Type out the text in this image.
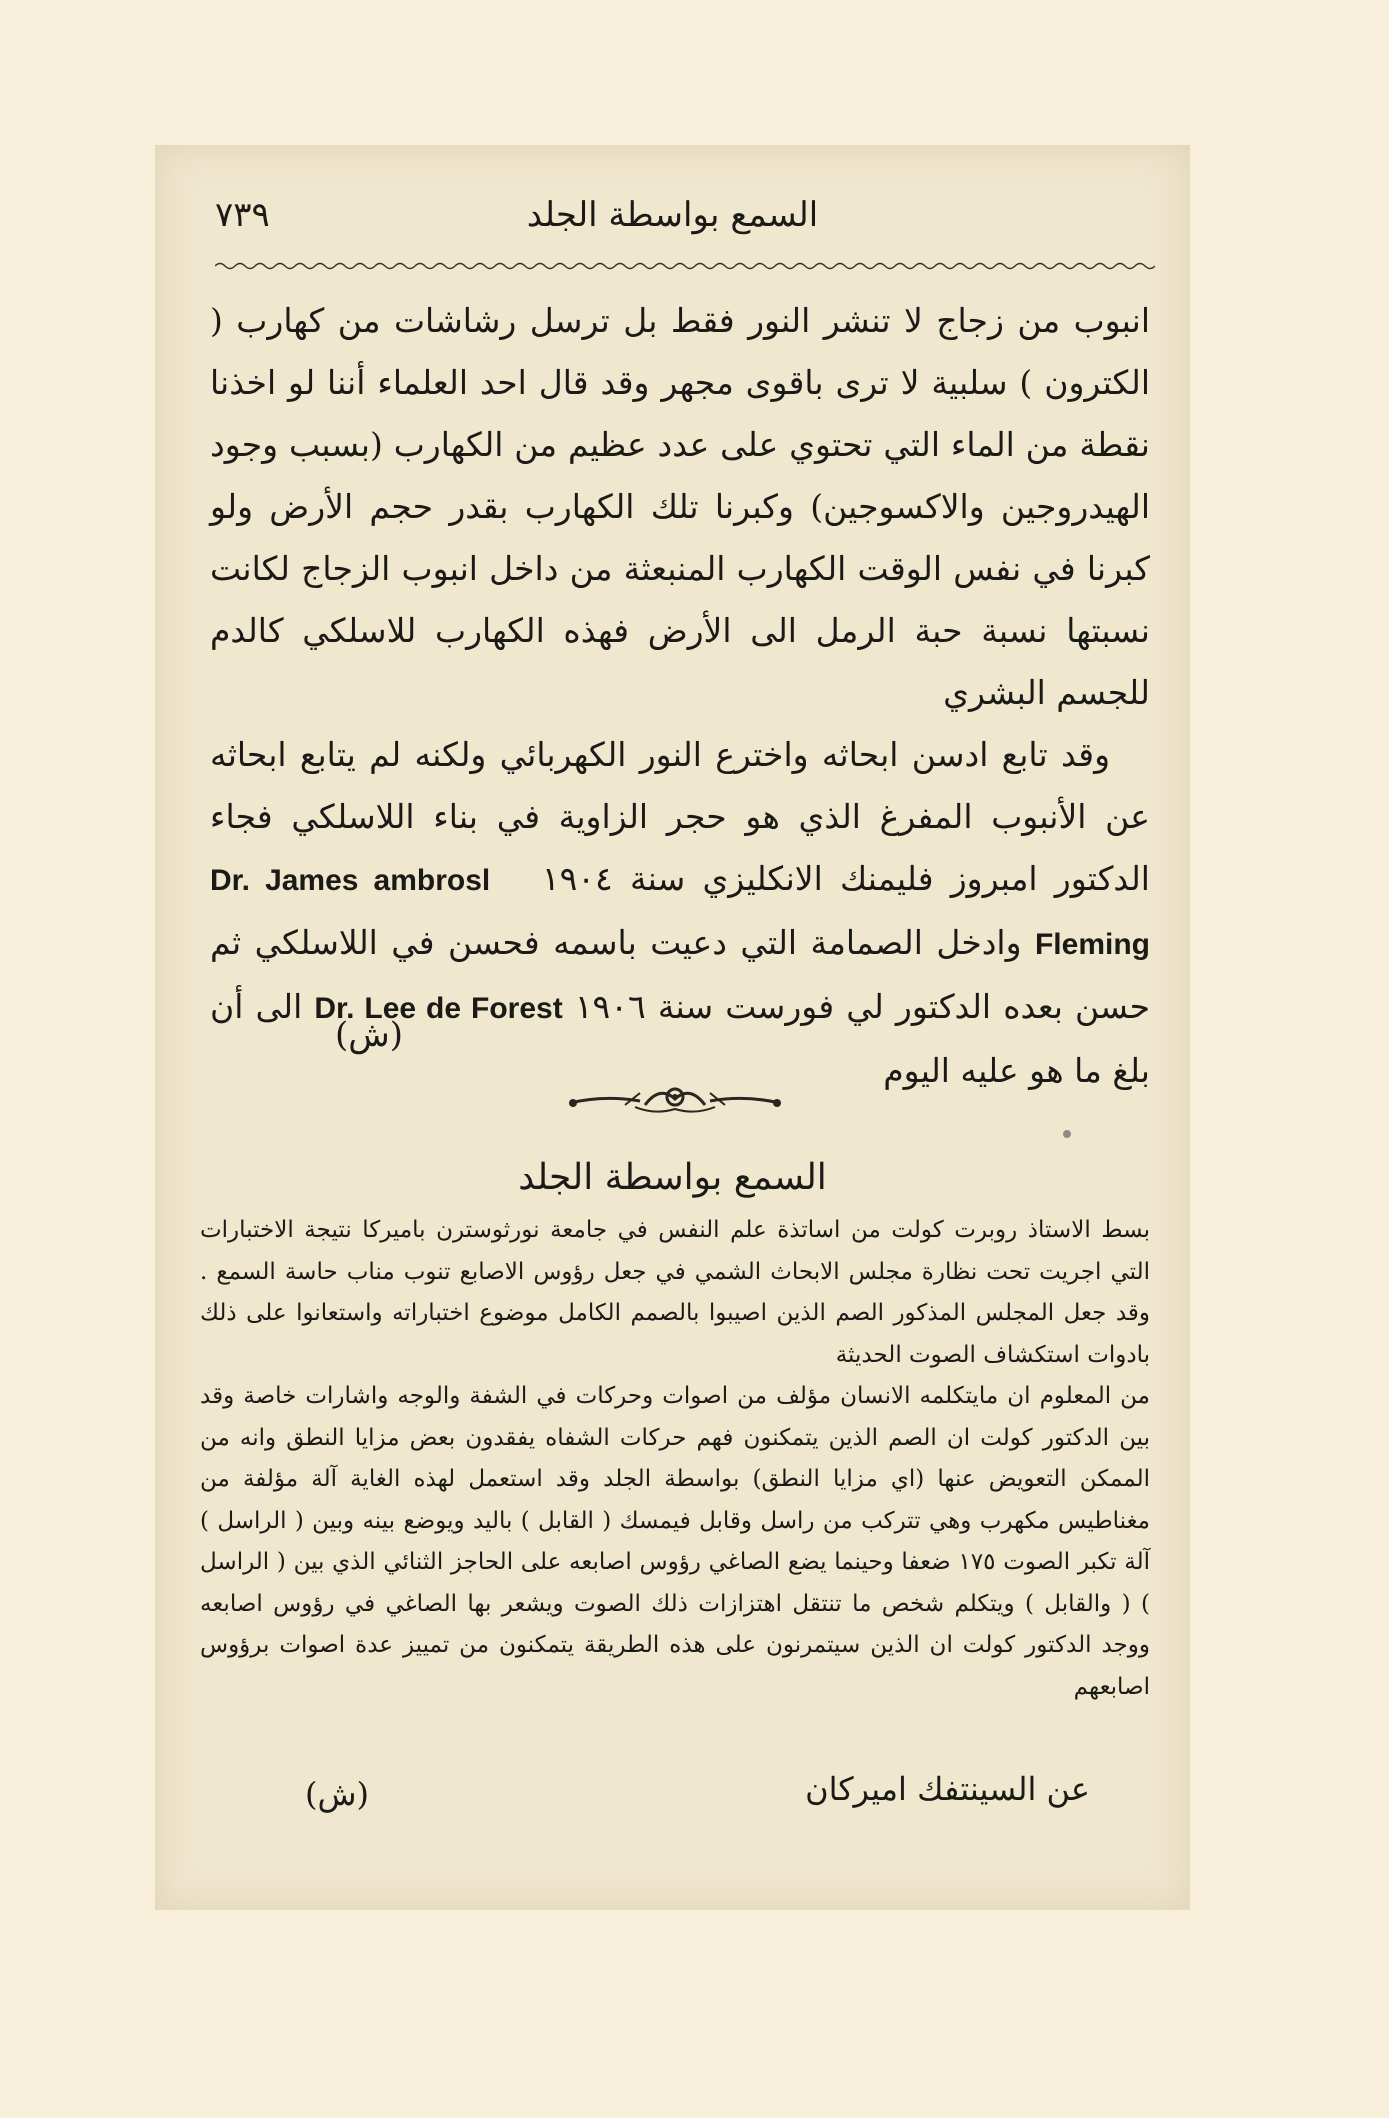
السمع بواسطة الجلد
٧٣٩

انبوب من زجاج لا تنشر النور فقط بل ترسل رشاشات من كهارب ( الكترون ) سلبية لا ترى باقوى مجهر وقد قال احد العلماء أننا لو اخذنا نقطة من الماء التي تحتوي على عدد عظيم من الكهارب (بسبب وجود الهيدروجين والاكسوجين) وكبرنا تلك الكهارب بقدر حجم الأرض ولو كبرنا في نفس الوقت الكهارب المنبعثة من داخل انبوب الزجاج لكانت نسبتها نسبة حبة الرمل الى الأرض فهذه الكهارب للاسلكي كالدم للجسم البشري

وقد تابع ادسن ابحاثه واخترع النور الكهربائي ولكنه لم يتابع ابحاثه عن الأنبوب المفرغ الذي هو حجر الزاوية في بناء اللاسلكي فجاء الدكتور امبروز فليمنك الانكليزي سنة ١٩٠٤   Dr. James ambrosl Fleming وادخل الصمامة التي دعيت باسمه فحسن في اللاسلكي ثم حسن بعده الدكتور لي فورست سنة ١٩٠٦ Dr. Lee de Forest الى أن بلغ ما هو عليه اليوم

(ش)
السمع بواسطة الجلد

بسط الاستاذ روبرت كولت من اساتذة علم النفس في جامعة نورثوسترن باميركا نتيجة الاختبارات التي اجريت تحت نظارة مجلس الابحاث الشمي في جعل رؤوس الاصابع تنوب مناب حاسة السمع . وقد جعل المجلس المذكور الصم الذين اصيبوا بالصمم الكامل موضوع اختباراته واستعانوا على ذلك بادوات استكشاف الصوت الحديثة

من المعلوم ان مايتكلمه الانسان مؤلف من اصوات وحركات في الشفة والوجه واشارات خاصة وقد بين الدكتور كولت ان الصم الذين يتمكنون فهم حركات الشفاه يفقدون بعض مزايا النطق وانه من الممكن التعويض عنها (اي مزايا النطق) بواسطة الجلد وقد استعمل لهذه الغاية آلة مؤلفة من مغناطيس مكهرب وهي تتركب من راسل وقابل فيمسك ( القابل ) باليد ويوضع بينه وبين ( الراسل ) آلة تكبر الصوت ١٧٥ ضعفا وحينما يضع الصاغي رؤوس اصابعه على الحاجز الثنائي الذي بين ( الراسل ) ( والقابل ) ويتكلم شخص ما تنتقل اهتزازات ذلك الصوت ويشعر بها الصاغي في رؤوس اصابعه ووجد الدكتور كولت ان الذين سيتمرنون على هذه الطريقة يتمكنون من تمييز عدة اصوات برؤوس اصابعهم

عن السينتفك اميركان
(ش)
